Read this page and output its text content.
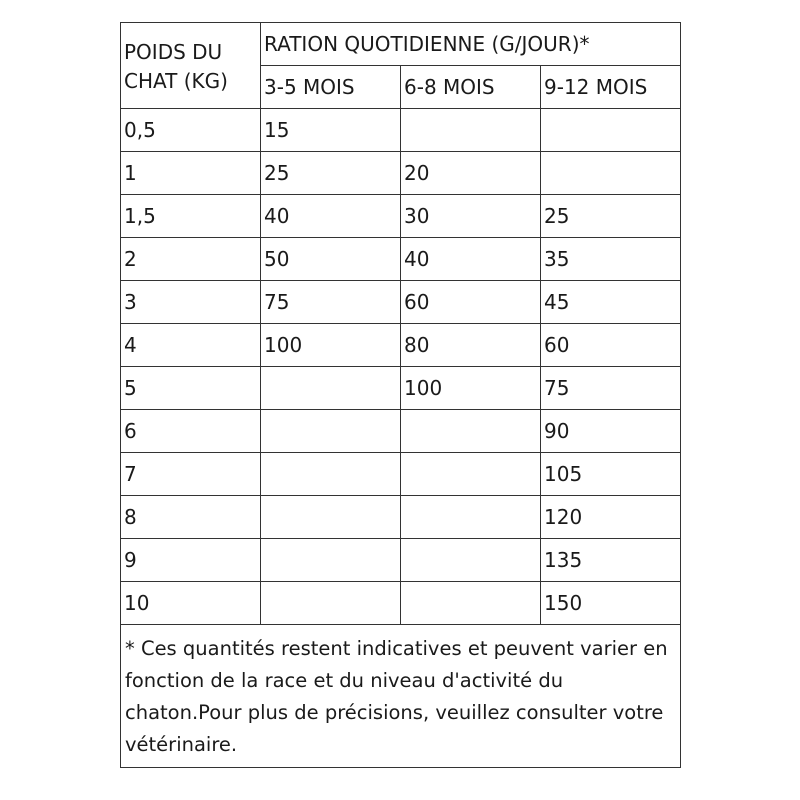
POIDS DU CHAT (KG)	RATION QUOTIDIENNE (G/JOUR)*		
	3-5 MOIS	6-8 MOIS	9-12 MOIS
0,5	15		
1	25	20	
1,5	40	30	25
2	50	40	35
3	75	60	45
4	100	80	60
5		100	75
6			90
7			105
8			120
9			135
10			150
* Ces quantités restent indicatives et peuvent varier en fonction de la race et du niveau d'activité du chaton.Pour plus de précisions, veuillez consulter votre vétérinaire.			
